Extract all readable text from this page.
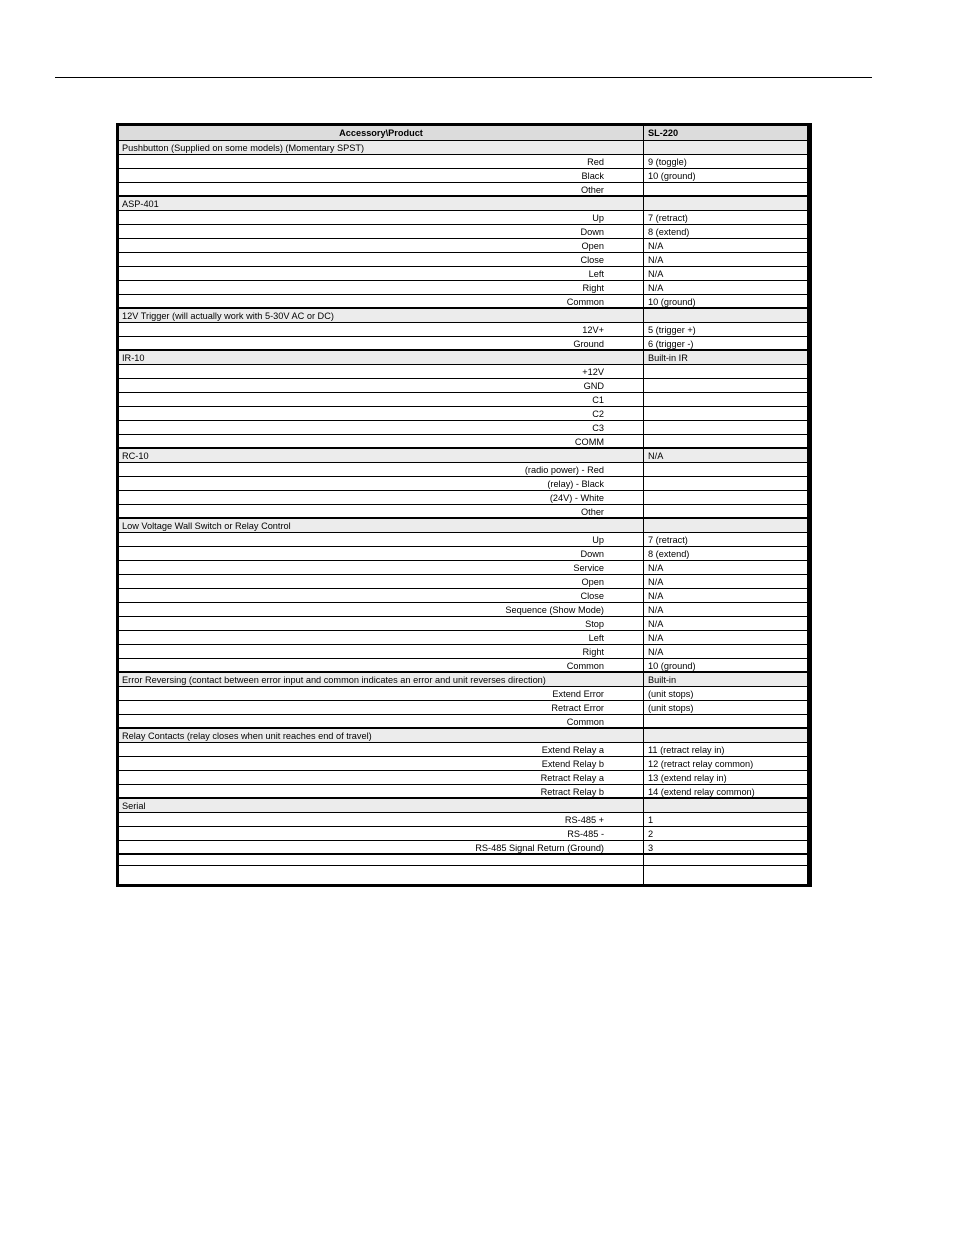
Accessory\Product	SL-220
Pushbutton (Supplied on some models) (Momentary SPST)
Red	9 (toggle)
Black	10 (ground)
Other
ASP-401
Up	7 (retract)
Down	8 (extend)
Open	N/A
Close	N/A
Left	N/A
Right	N/A
Common	10 (ground)
12V Trigger (will actually work with 5-30V AC or DC)
12V+	5 (trigger +)
Ground	6 (trigger -)
IR-10	Built-in IR
+12V
GND
C1
C2
C3
COMM
RC-10	N/A
(radio power) - Red
(relay) - Black
(24V) - White
Other
Low Voltage Wall Switch or Relay Control
Up	7 (retract)
Down	8 (extend)
Service	N/A
Open	N/A
Close	N/A
Sequence (Show Mode)	N/A
Stop	N/A
Left	N/A
Right	N/A
Common	10 (ground)
Error Reversing (contact between error input and common indicates an error and unit reverses direction)	Built-in
Extend Error	(unit stops)
Retract Error	(unit stops)
Common
Relay Contacts (relay closes when unit reaches end of travel)
Extend Relay a	11 (retract relay in)
Extend Relay b	12 (retract relay common)
Retract Relay a	13 (extend relay in)
Retract Relay b	14 (extend relay common)
Serial
RS-485 +	1
RS-485 -	2
RS-485 Signal Return (Ground)	3
